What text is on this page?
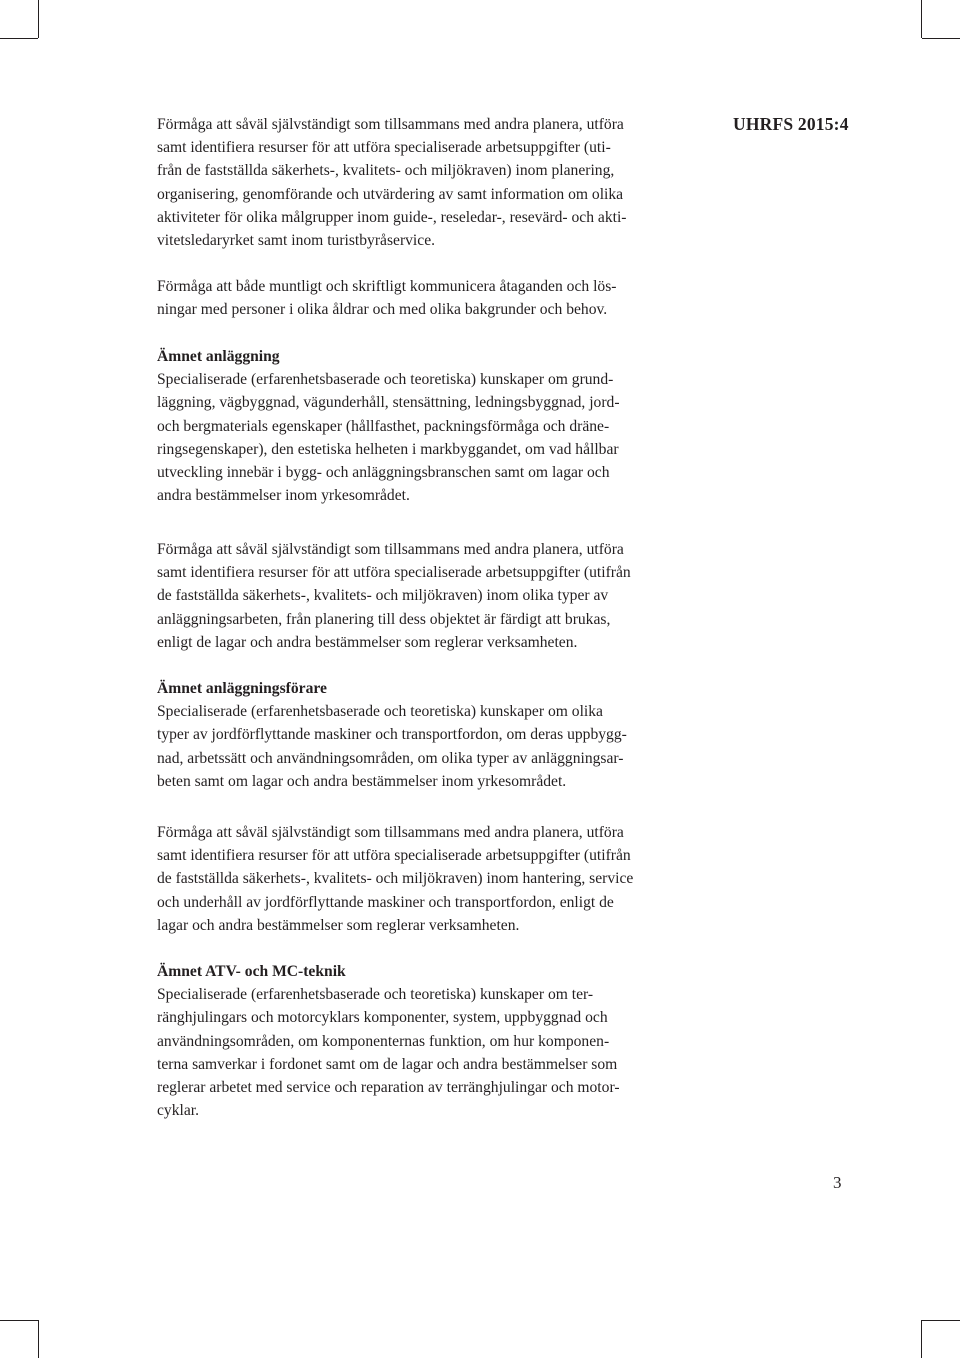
UHRFS 2015:4
Förmåga att såväl självständigt som tillsammans med andra planera, utföra
samt identifiera resurser för att utföra specialiserade arbetsuppgifter (uti-
från de fastställda säkerhets-, kvalitets- och miljökraven) inom planering,
organisering, genomförande och utvärdering av samt information om olika
aktiviteter för olika målgrupper inom guide-, reseledar-, resevärd- och akti-
vitetsledaryrket samt inom turistbyråservice.
Förmåga att både muntligt och skriftligt kommunicera åtaganden och lös-
ningar med personer i olika åldrar och med olika bakgrunder och behov.
Ämnet anläggning
Specialiserade (erfarenhetsbaserade och teoretiska) kunskaper om grund-
läggning, vägbyggnad, vägunderhåll, stensättning, ledningsbyggnad, jord-
och bergmaterials egenskaper (hållfasthet, packningsförmåga och dräne-
ringsegenskaper), den estetiska helheten i markbyggandet, om vad hållbar
utveckling innebär i bygg- och anläggningsbranschen samt om lagar och
andra bestämmelser inom yrkesområdet.
Förmåga att såväl självständigt som tillsammans med andra planera, utföra
samt identifiera resurser för att utföra specialiserade arbetsuppgifter (utifrån
de fastställda säkerhets-, kvalitets- och miljökraven) inom olika typer av
anläggningsarbeten, från planering till dess objektet är färdigt att brukas,
enligt de lagar och andra bestämmelser som reglerar verksamheten.
Ämnet anläggningsförare
Specialiserade (erfarenhetsbaserade och teoretiska) kunskaper om olika
typer av jordförflyttande maskiner och transportfordon, om deras uppbygg-
nad, arbetssätt och användningsområden, om olika typer av anläggningsar-
beten samt om lagar och andra bestämmelser inom yrkesområdet.
Förmåga att såväl självständigt som tillsammans med andra planera, utföra
samt identifiera resurser för att utföra specialiserade arbetsuppgifter (utifrån
de fastställda säkerhets-, kvalitets- och miljökraven) inom hantering, service
och underhåll av jordförflyttande maskiner och transportfordon, enligt de
lagar och andra bestämmelser som reglerar verksamheten.
Ämnet ATV- och MC-teknik
Specialiserade (erfarenhetsbaserade och teoretiska) kunskaper om ter-
ränghjulingars och motorcyklars komponenter, system, uppbyggnad och
användningsområden, om komponenternas funktion, om hur komponen-
terna samverkar i fordonet samt om de lagar och andra bestämmelser som
reglerar arbetet med service och reparation av terränghjulingar och motor-
cyklar.
3
